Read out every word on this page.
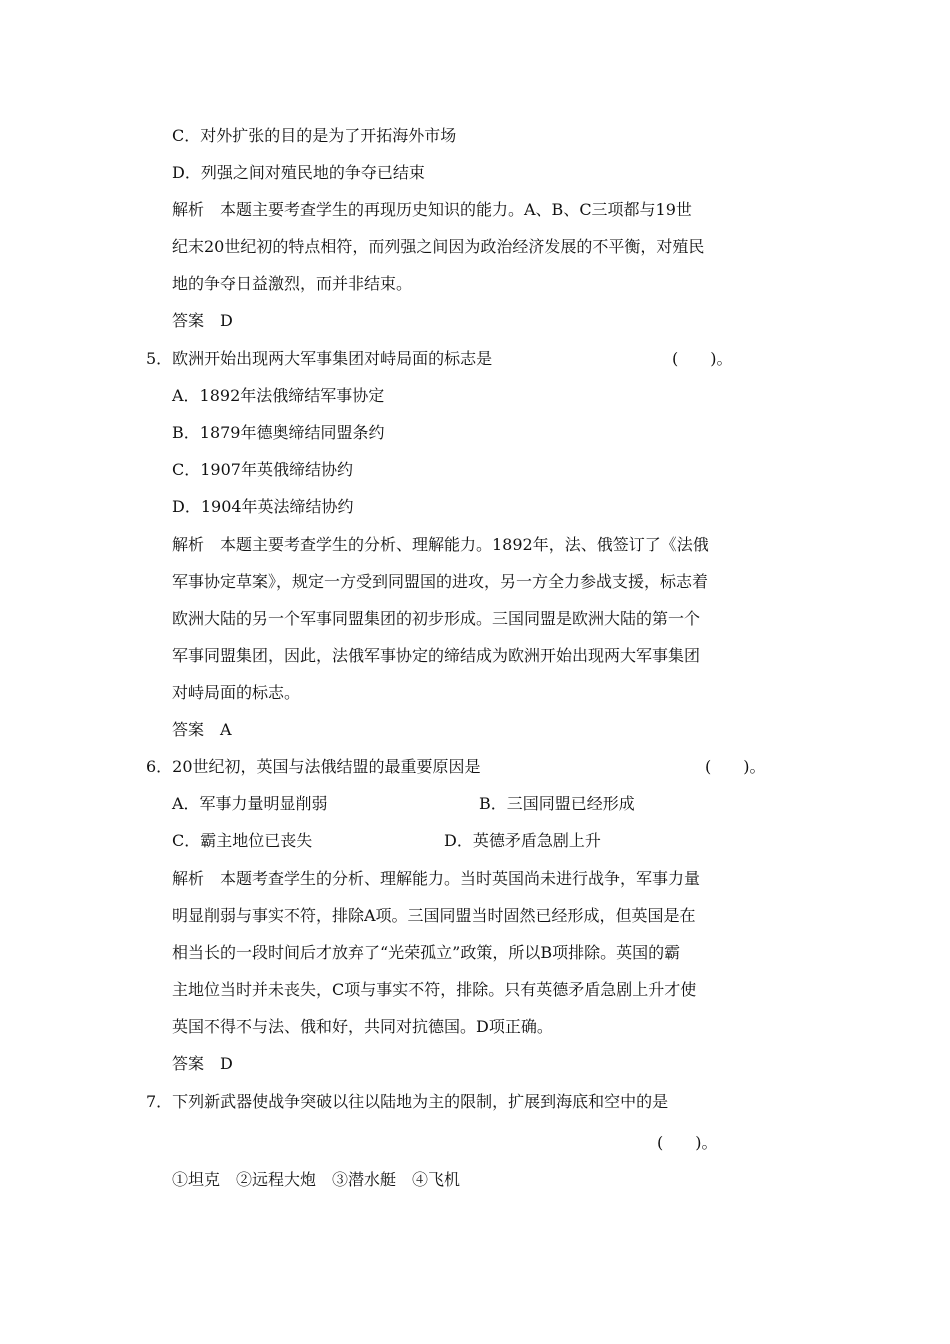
C．对外扩张的目的是为了开拓海外市场
D．列强之间对殖民地的争夺已结束
解析　本题主要考查学生的再现历史知识的能力。A、B、C三项都与19世
纪末20世纪初的特点相符，而列强之间因为政治经济发展的不平衡，对殖民
地的争夺日益激烈，而并非结束。
答案　D
5．欧洲开始出现两大军事集团对峙局面的标志是	(　　)。
A．1892年法俄缔结军事协定
B．1879年德奥缔结同盟条约
C．1907年英俄缔结协约
D．1904年英法缔结协约
解析　本题主要考查学生的分析、理解能力。1892年，法、俄签订了《法俄
军事协定草案》，规定一方受到同盟国的进攻，另一方全力参战支援，标志着
欧洲大陆的另一个军事同盟集团的初步形成。三国同盟是欧洲大陆的第一个
军事同盟集团，因此，法俄军事协定的缔结成为欧洲开始出现两大军事集团
对峙局面的标志。
答案　A
6．20世纪初，英国与法俄结盟的最重要原因是	(　　)。
A．军事力量明显削弱	B．三国同盟已经形成
C．霸主地位已丧失	D．英德矛盾急剧上升
解析　本题考查学生的分析、理解能力。当时英国尚未进行战争，军事力量
明显削弱与事实不符，排除A项。三国同盟当时固然已经形成，但英国是在
相当长的一段时间后才放弃了“光荣孤立”政策，所以B项排除。英国的霸
主地位当时并未丧失，C项与事实不符，排除。只有英德矛盾急剧上升才使
英国不得不与法、俄和好，共同对抗德国。D项正确。
答案　D
7．下列新武器使战争突破以往以陆地为主的限制，扩展到海底和空中的是
(　　)。
①坦克　②远程大炮　③潜水艇　④飞机
